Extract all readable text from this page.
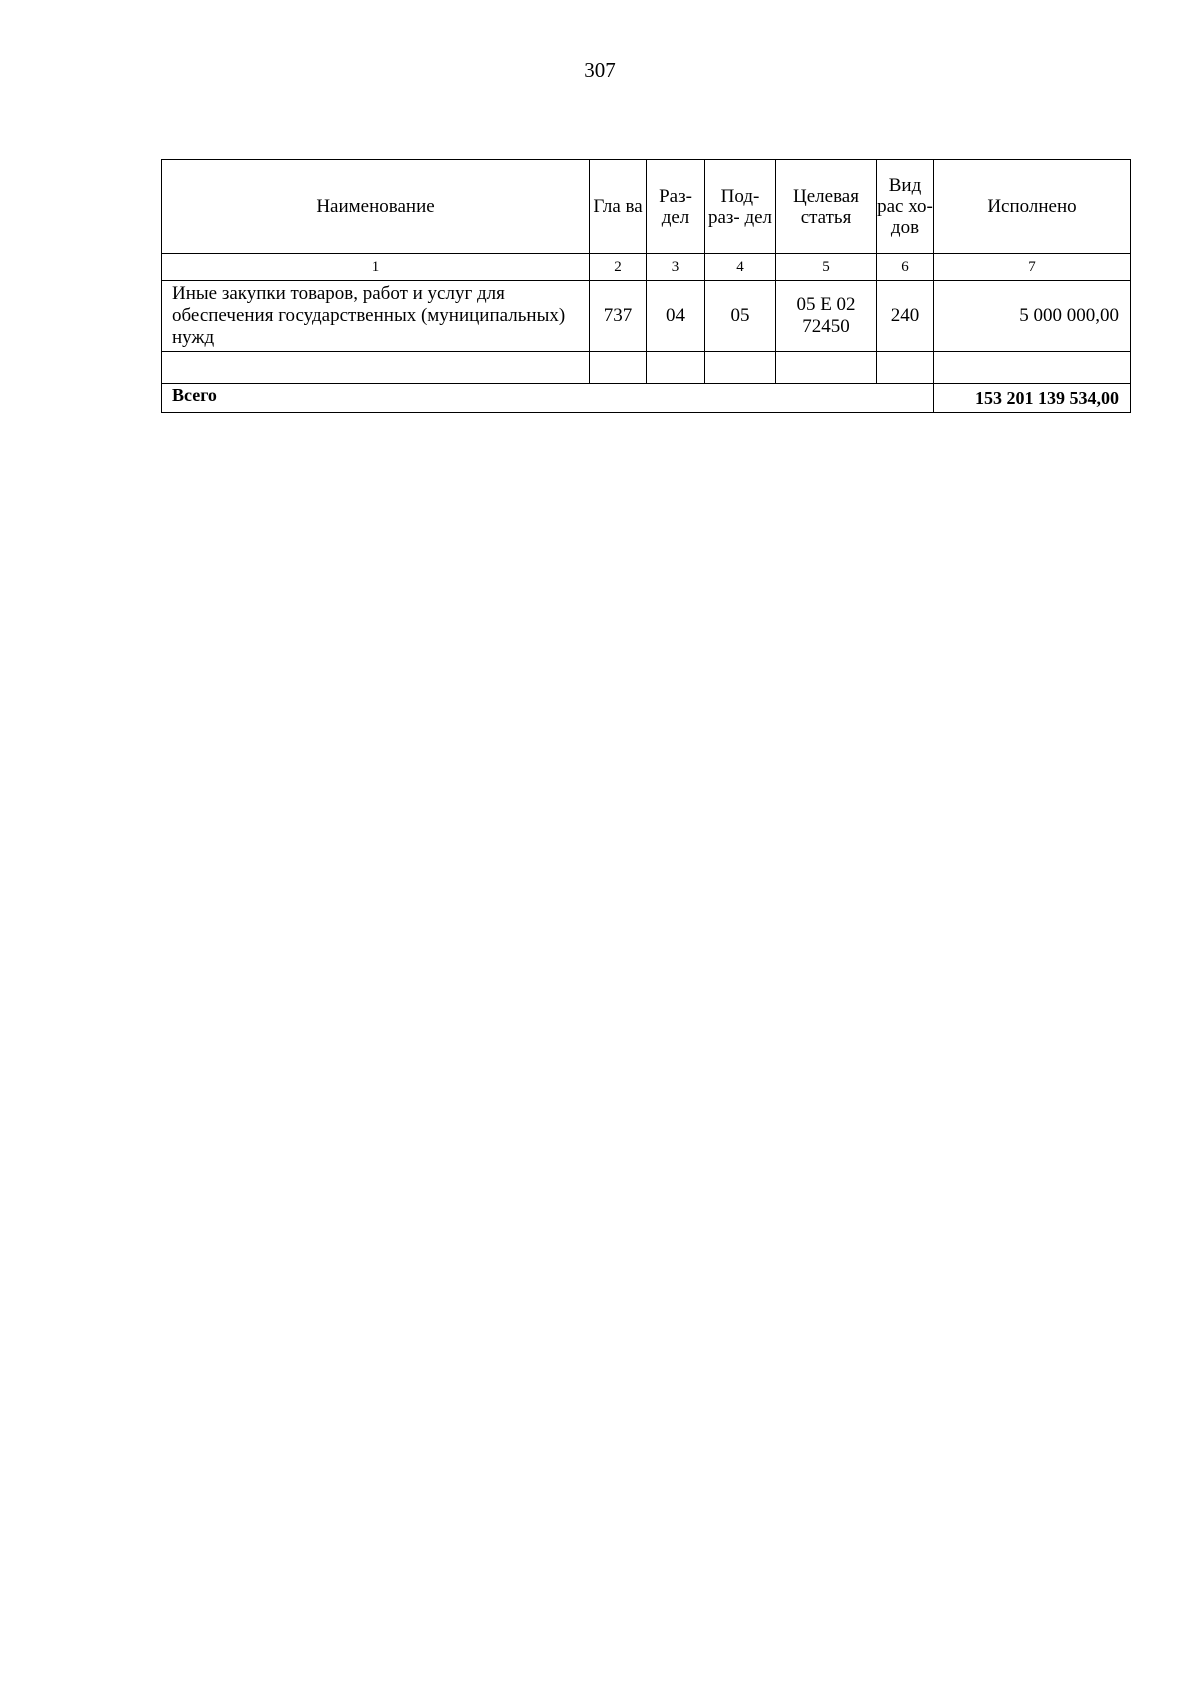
307
Наименование	Гла ва	Раз- дел	Под- раз- дел	Целевая статья	Вид рас хо- дов	Исполнено
1	2	3	4	5	6	7
Иные закупки товаров, работ и услуг для обеспечения государственных (муниципальных) нужд	737	04	05	05 Е 02 72450	240	5 000 000,00

Всего						153 201 139 534,00
